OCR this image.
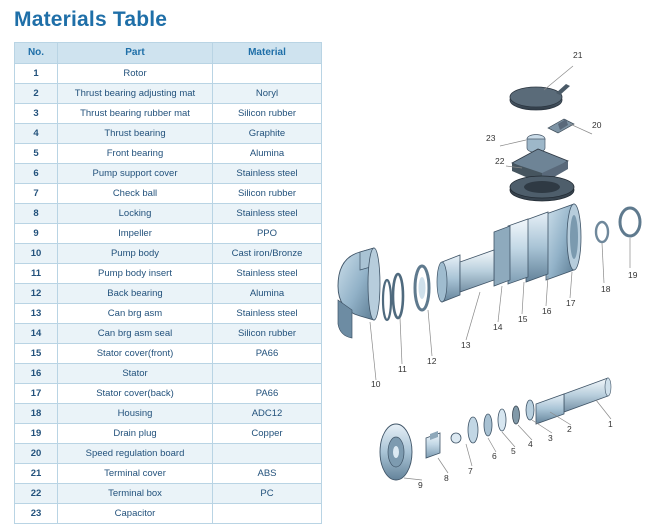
Materials Table
No.	Part	Material
1	Rotor	
2	Thrust bearing adjusting mat	Noryl
3	Thrust bearing rubber mat	Silicon rubber
4	Thrust bearing	Graphite
5	Front bearing	Alumina
6	Pump support cover	Stainless steel
7	Check ball	Silicon rubber
8	Locking	Stainless steel
9	Impeller	PPO
10	Pump body	Cast iron/Bronze
11	Pump body insert	Stainless steel
12	Back bearing	Alumina
13	Can brg asm	Stainless steel
14	Can brg asm seal	Silicon rubber
15	Stator cover(front)	PA66
16	Stator	
17	Stator cover(back)	PA66
18	Housing	ADC12
19	Drain plug	Copper
20	Speed regulation board	
21	Terminal cover	ABS
22	Terminal box	PC
23	Capacitor	
21
20
23
22
19
18
17
16
15
14
13
12
11
10
9
8
7
6 5
4
3
2	1
